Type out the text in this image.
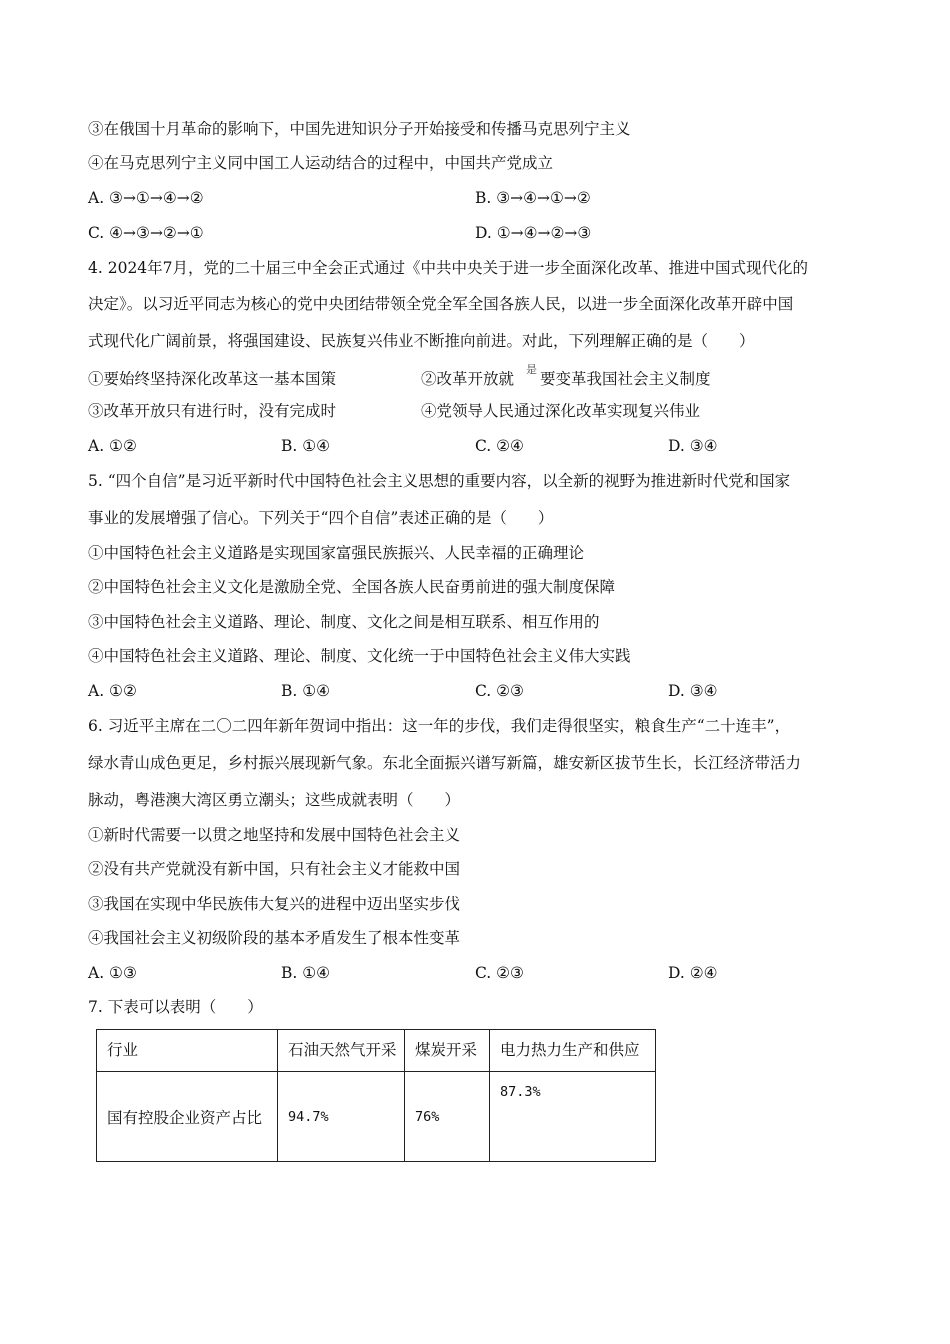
③在俄国十月革命的影响下，中国先进知识分子开始接受和传播马克思列宁主义
④在马克思列宁主义同中国工人运动结合的过程中，中国共产党成立
A. ③→①→④→②	B. ③→④→①→②
C. ④→③→②→①	D. ①→④→②→③
4. 2024年7月，党的二十届三中全会正式通过《中共中央关于进一步全面深化改革、推进中国式现代化的
决定》。以习近平同志为核心的党中央团结带领全党全军全国各族人民，以进一步全面深化改革开辟中国
式现代化广阔前景，将强国建设、民族复兴伟业不断推向前进。对此，下列理解正确的是（　　）
①要始终坚持深化改革这一基本国策	②改革开放就
是
要变革我国社会主义制度
③改革开放只有进行时，没有完成时	④党领导人民通过深化改革实现复兴伟业
A. ①②	B. ①④	C. ②④	D. ③④
5. “四个自信”是习近平新时代中国特色社会主义思想的重要内容，以全新的视野为推进新时代党和国家
事业的发展增强了信心。下列关于“四个自信”表述正确的是（　　）
①中国特色社会主义道路是实现国家富强民族振兴、人民幸福的正确理论
②中国特色社会主义文化是激励全党、全国各族人民奋勇前进的强大制度保障
③中国特色社会主义道路、理论、制度、文化之间是相互联系、相互作用的
④中国特色社会主义道路、理论、制度、文化统一于中国特色社会主义伟大实践
A. ①②	B. ①④	C. ②③	D. ③④
6. 习近平主席在二〇二四年新年贺词中指出：这一年的步伐，我们走得很坚实，粮食生产“二十连丰”，
绿水青山成色更足，乡村振兴展现新气象。东北全面振兴谱写新篇，雄安新区拔节生长，长江经济带活力
脉动，粤港澳大湾区勇立潮头；这些成就表明（　　）
①新时代需要一以贯之地坚持和发展中国特色社会主义
②没有共产党就没有新中国，只有社会主义才能救中国
③我国在实现中华民族伟大复兴的进程中迈出坚实步伐
④我国社会主义初级阶段的基本矛盾发生了根本性变革
A. ①③	B. ①④	C. ②③	D. ②④
7. 下表可以表明（　　）
行业	石油天然气开采	煤炭开采	电力热力生产和供应
国有控股企业资产占比	94.7%	76%	87.3%
